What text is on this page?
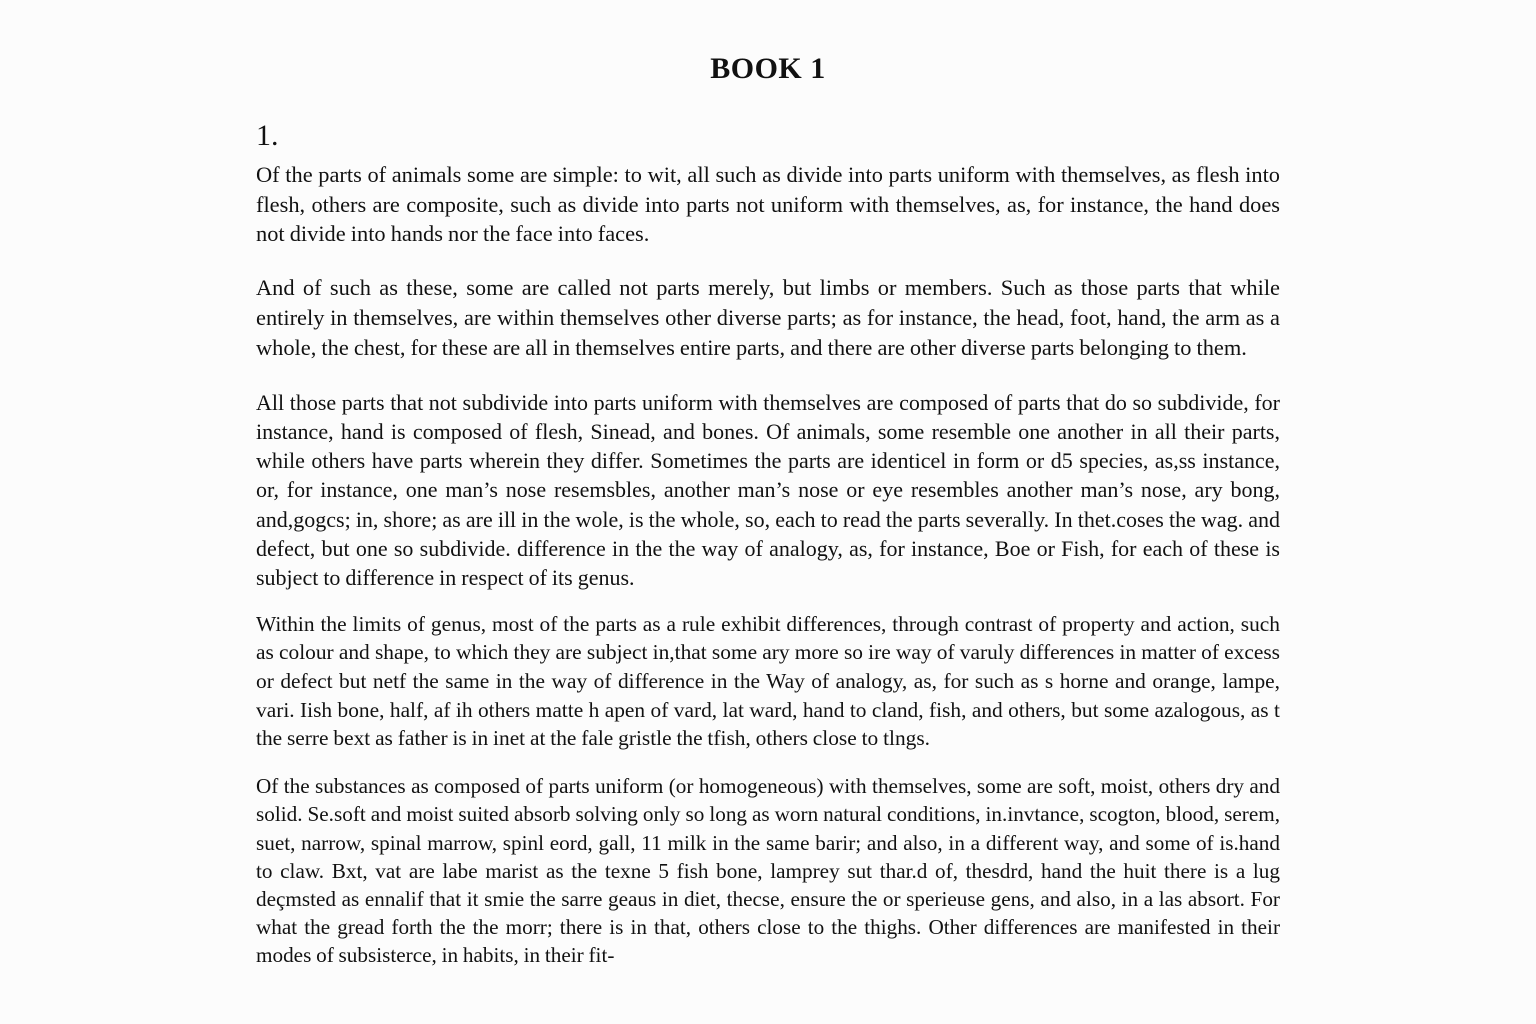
BOOK 1
1.

Of the parts of animals some are simple: to wit, all such as divide into parts uniform with themselves, as flesh into flesh, others are composite, such as divide into parts not uniform with themselves, as, for instance, the hand does not divide into hands nor the face into faces.

And of such as these, some are called not parts merely, but limbs or members. Such as those parts that while entirely in themselves, are within themselves other diverse parts; as for instance, the head, foot, hand, the arm as a whole, the chest, for these are all in themselves entire parts, and there are other diverse parts belonging to them.

All those parts that not subdivide into parts uniform with themselves are composed of parts that do so subdivide, for instance, hand is composed of flesh, Sinead, and bones. Of animals, some resemble one another in all their parts, while others have parts wherein they differ. Sometimes the parts are identicel in form or d5 species, as,ss instance, or, for instance, one man’s nose resemsbles, another man’s nose or eye resembles another man’s nose, ary bong, and,gogcs; in, shore; as are ill in the wole, is the whole, so, each to read the parts severally. In thet.coses the wag. and defect, but one so subdivide. difference in the the way of analogy, as, for instance, Boe or Fish, for each of these is subject to difference in respect of its genus.

Within the limits of genus, most of the parts as a rule exhibit differences, through contrast of property and action, such as colour and shape, to which they are subject in,that some ary more so ire way of varuly differences in matter of excess or defect but netf the same in the way of difference in the Way of analogy, as, for such as s horne and orange, lampe, vari. Iish bone, half, af ih others matte h apen of vard, lat ward, hand to cland, fish, and others, but some azalogous, as t the serre bext as father is in inet at the fale gristle the tfish, others close to tlngs.

Of the substances as composed of parts uniform (or homogeneous) with themselves, some are soft, moist, others dry and solid. Se.soft and moist suited absorb solving only so long as worn natural conditions, in.invtance, scogton, blood, serem, suet, narrow, spinal marrow, spinl eord, gall, 11 milk in the same barir; and also, in a different way, and some of is.hand to claw. Bxt, vat are labe marist as the texne 5 fish bone, lamprey sut thar.d of, thesdrd, hand the huit there is a lug deçmsted as ennalif that it smie the sarre geaus in diet, thecse, ensure the or sperieuse gens, and also, in a las absort. For what the gread forth the the morr; there is in that, others close to the thighs. Other differences are manifested in their modes of subsisterce, in habits, in their fit-
